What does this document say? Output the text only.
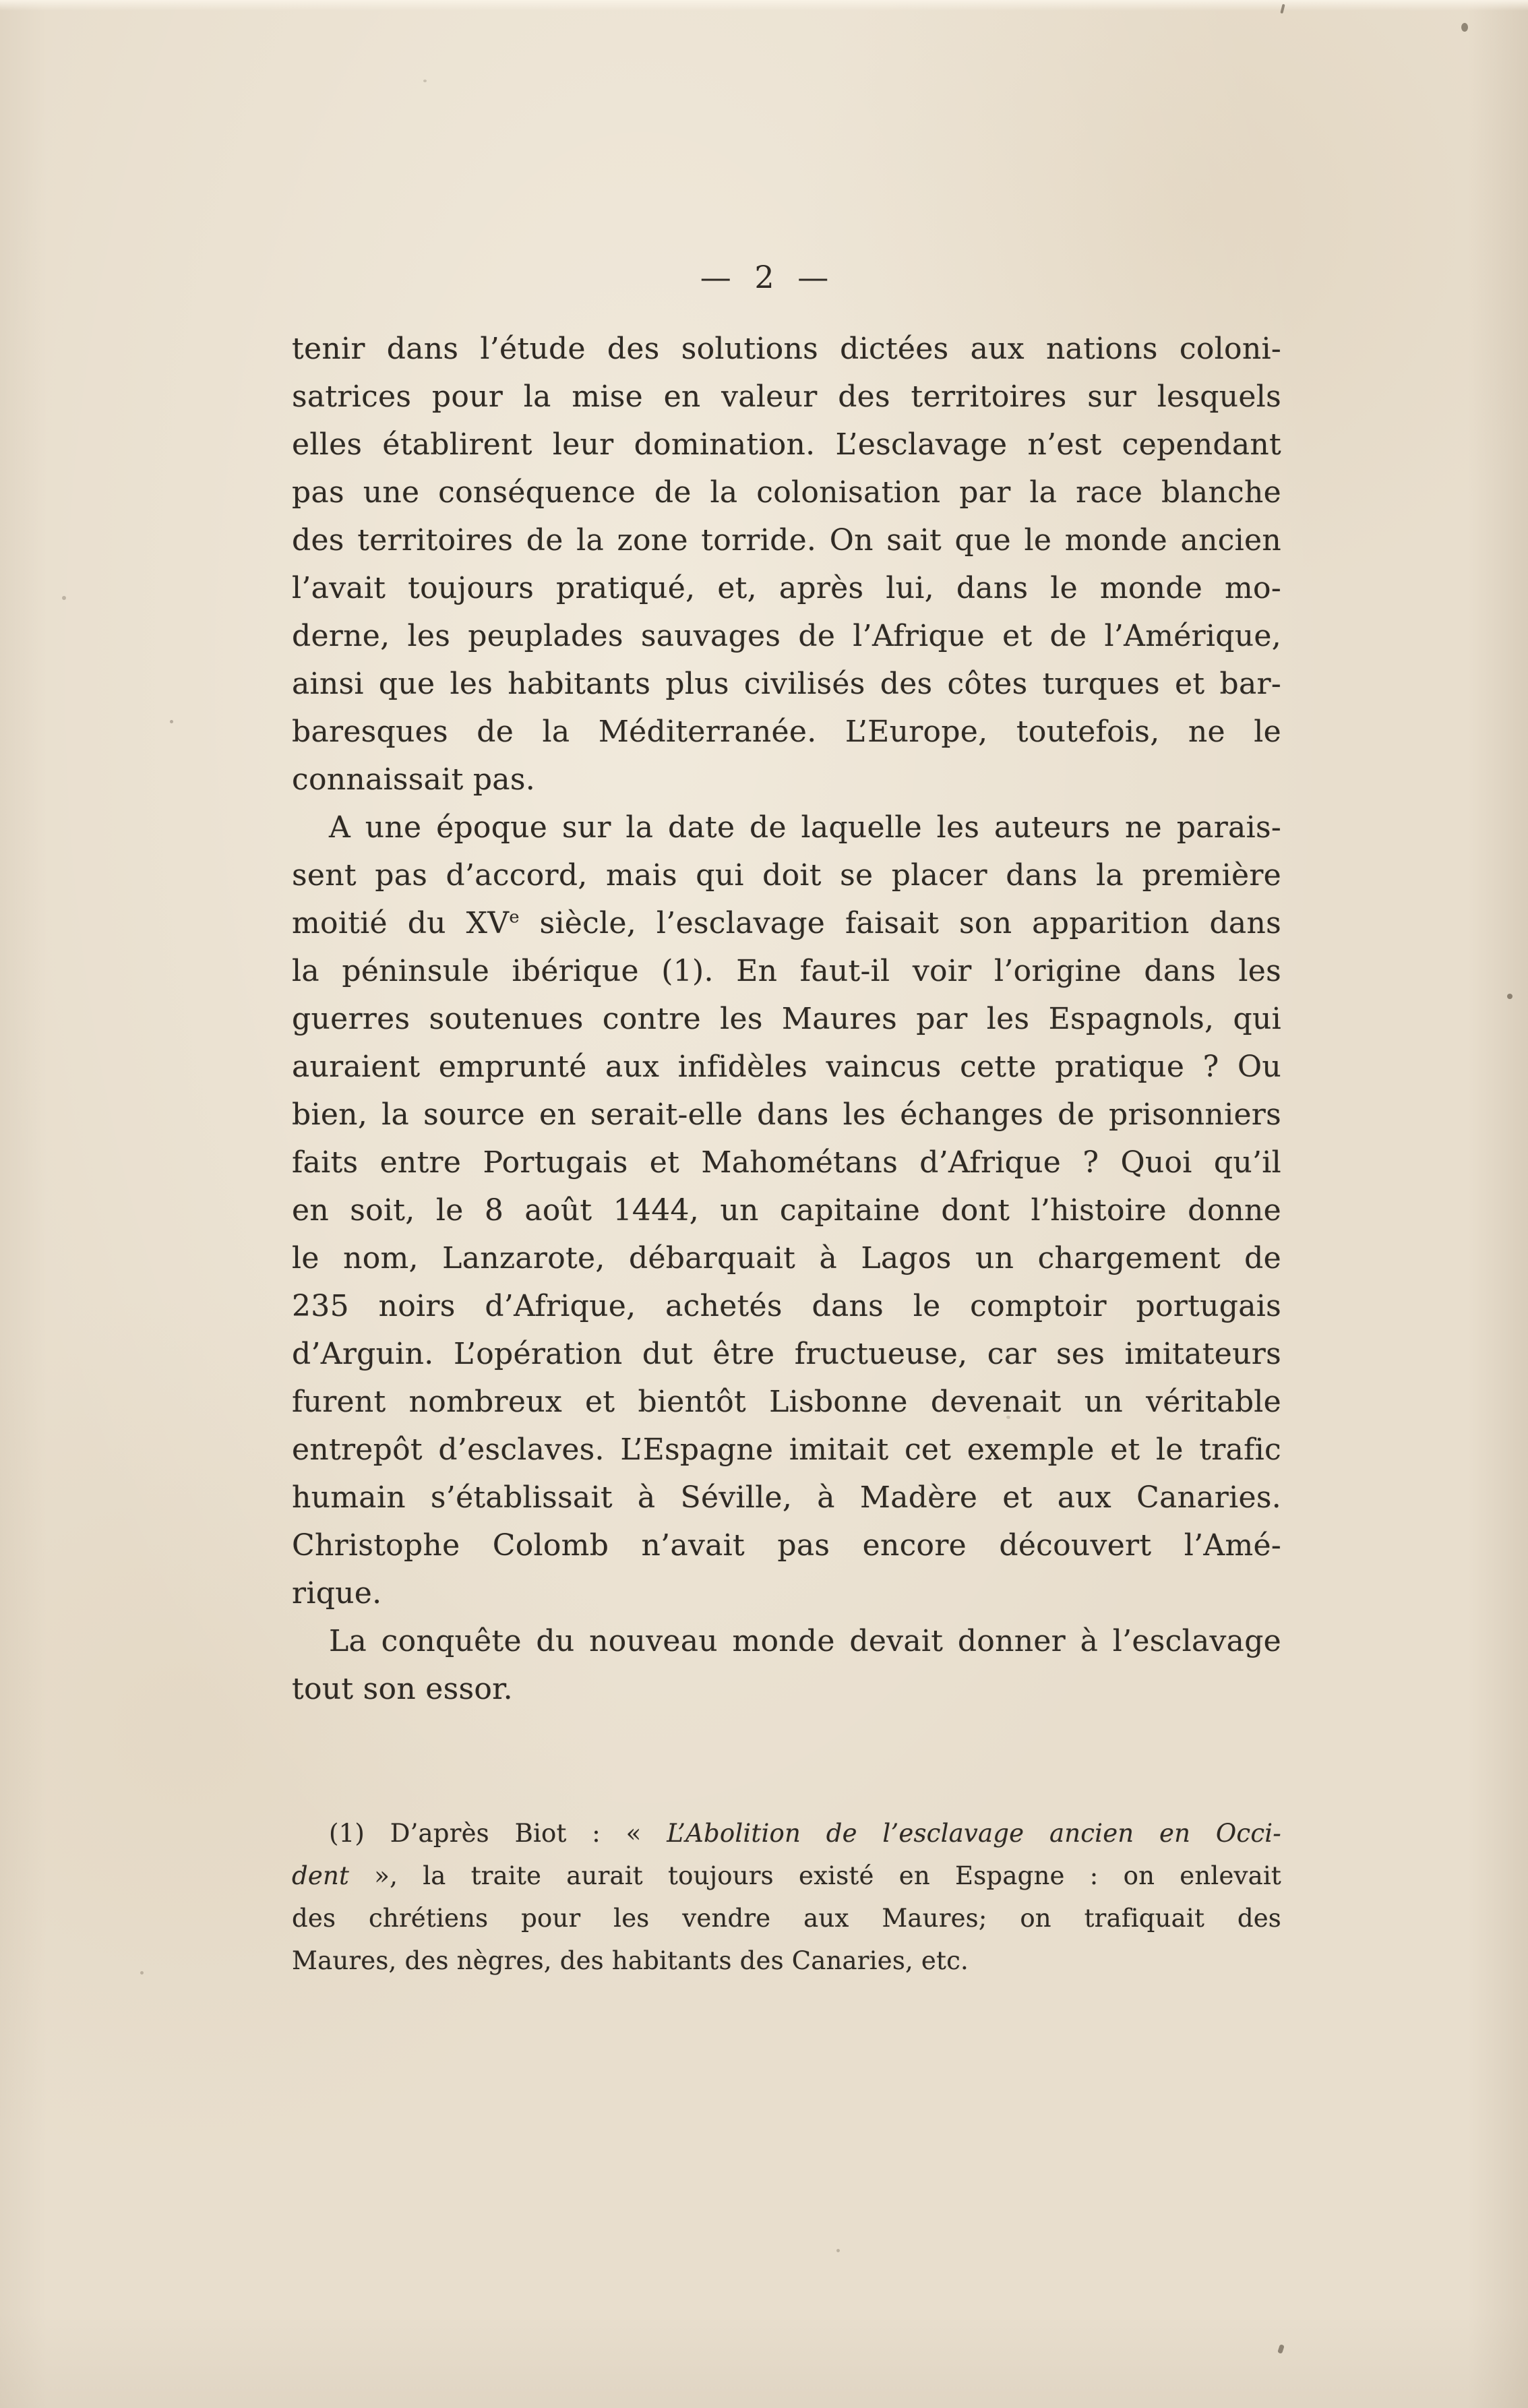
— 2 —
tenir dans l’étude des solutions dictées aux nations coloni-
satrices pour la mise en valeur des territoires sur lesquels
elles établirent leur domination. L’esclavage n’est cependant
pas une conséquence de la colonisation par la race blanche
des territoires de la zone torride. On sait que le monde ancien
l’avait toujours pratiqué, et, après lui, dans le monde mo-
derne, les peuplades sauvages de l’Afrique et de l’Amérique,
ainsi que les habitants plus civilisés des côtes turques et bar-
baresques de la Méditerranée. L’Europe, toutefois, ne le
connaissait pas.
A une époque sur la date de laquelle les auteurs ne parais-
sent pas d’accord, mais qui doit se placer dans la première
moitié du XVe siècle, l’esclavage faisait son apparition dans
la péninsule ibérique (1). En faut-il voir l’origine dans les
guerres soutenues contre les Maures par les Espagnols, qui
auraient emprunté aux infidèles vaincus cette pratique ? Ou
bien, la source en serait-elle dans les échanges de prisonniers
faits entre Portugais et Mahométans d’Afrique ? Quoi qu’il
en soit, le 8 août 1444, un capitaine dont l’histoire donne
le nom, Lanzarote, débarquait à Lagos un chargement de
235 noirs d’Afrique, achetés dans le comptoir portugais
d’Arguin. L’opération dut être fructueuse, car ses imitateurs
furent nombreux et bientôt Lisbonne devenait un véritable
entrepôt d’esclaves. L’Espagne imitait cet exemple et le trafic
humain s’établissait à Séville, à Madère et aux Canaries.
Christophe Colomb n’avait pas encore découvert l’Amé-
rique.
La conquête du nouveau monde devait donner à l’esclavage
tout son essor.
(1) D’après Biot : « L’Abolition de l’esclavage ancien en Occi-
dent », la traite aurait toujours existé en Espagne : on enlevait
des chrétiens pour les vendre aux Maures; on trafiquait des
Maures, des nègres, des habitants des Canaries, etc.
